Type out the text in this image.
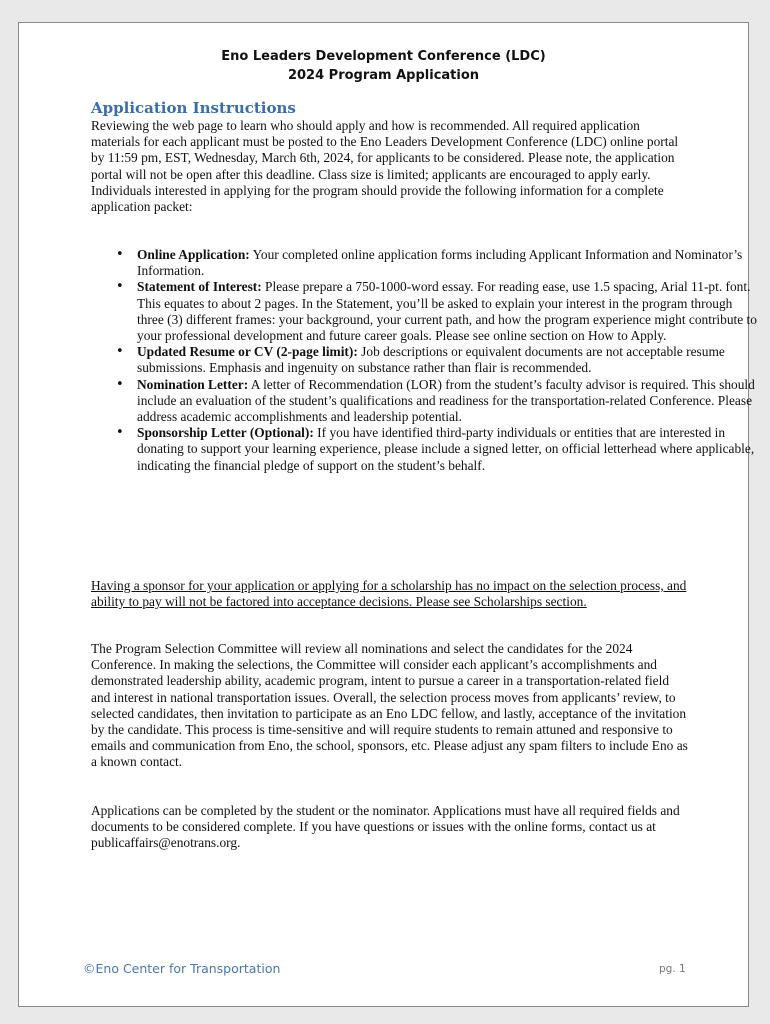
Eno Leaders Development Conference (LDC)
2024 Program Application
Application Instructions
Reviewing the web page to learn who should apply and how is recommended. All required application materials for each applicant must be posted to the Eno Leaders Development Conference (LDC) online portal by 11:59 pm, EST, Wednesday, March 6th, 2024, for applicants to be considered. Please note, the application
portal will not be open after this deadline. Class size is limited; applicants are encouraged to apply early. Individuals interested in applying for the program should provide the following information for a complete application packet:
• Online Application: Your completed online application forms including Applicant Information and Nominator’s Information.
• Statement of Interest: Please prepare a 750-1000-word essay. For reading ease, use 1.5 spacing, Arial 11-pt. font. This equates to about 2 pages. In the Statement, you’ll be asked to explain your interest in the program through three (3) different frames: your background, your current path, and how the program experience might contribute to your professional development and future career goals. Please see online section on How to Apply.
• Updated Resume or CV (2-page limit): Job descriptions or equivalent documents are not acceptable resume submissions. Emphasis and ingenuity on substance rather than flair is recommended.
• Nomination Letter: A letter of Recommendation (LOR) from the student’s faculty advisor is required. This should include an evaluation of the student’s qualifications and readiness for the transportation-related Conference. Please address academic accomplishments and leadership potential.
• Sponsorship Letter (Optional): If you have identified third-party individuals or entities that are interested in donating to support your learning experience, please include a signed letter, on official letterhead where applicable, indicating the financial pledge of support on the student’s behalf.
Having a sponsor for your application or applying for a scholarship has no impact on the selection process, and ability to pay will not be factored into acceptance decisions. Please see Scholarships section.
The Program Selection Committee will review all nominations and select the candidates for the 2024 Conference. In making the selections, the Committee will consider each applicant’s accomplishments and demonstrated leadership ability, academic program, intent to pursue a career in a transportation-related field and interest in national transportation issues. Overall, the selection process moves from applicants’ review, to selected candidates, then invitation to participate as an Eno LDC fellow, and lastly, acceptance of the invitation by the candidate. This process is time-sensitive and will require students to remain attuned and responsive to emails and communication from Eno, the school, sponsors, etc. Please adjust any spam filters to include Eno as a known contact.
Applications can be completed by the student or the nominator. Applications must have all required fields and documents to be considered complete. If you have questions or issues with the online forms, contact us at publicaffairs@enotrans.org.
©Eno Center for Transportation	pg. 1
